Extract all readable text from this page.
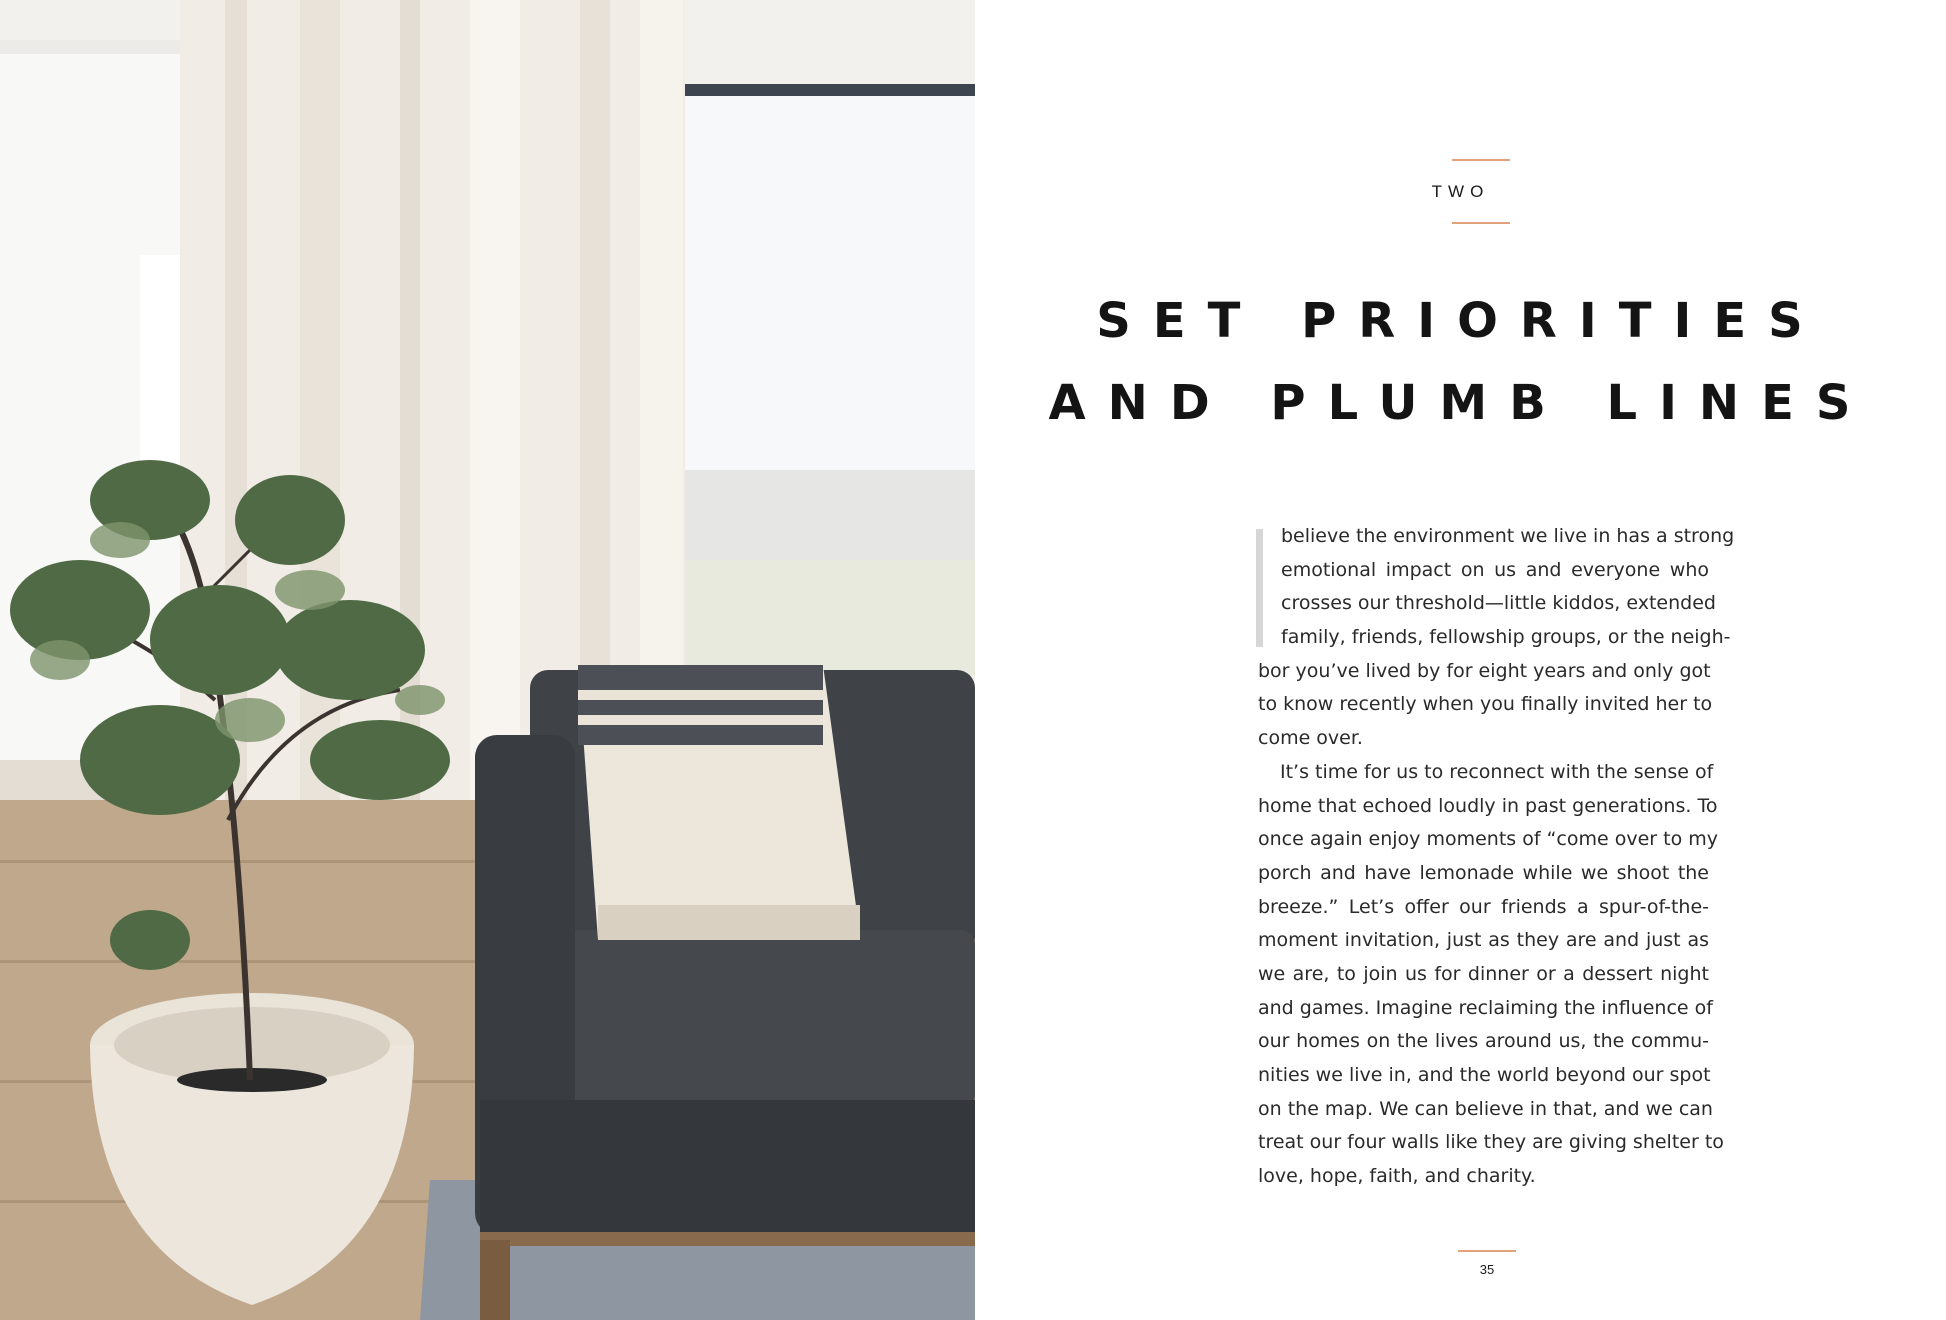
TWO
SET PRIORITIES
AND PLUMB LINES
believe the environment we live in has a strong
emotional impact on us and everyone who
crosses our threshold—little kiddos, extended
family, friends, fellowship groups, or the neigh-
bor you’ve lived by for eight years and only got
to know recently when you finally invited her to
come over.
It’s time for us to reconnect with the sense of
home that echoed loudly in past generations. To
once again enjoy moments of “come over to my
porch and have lemonade while we shoot the
breeze.” Let’s offer our friends a spur-of-the-
moment invitation, just as they are and just as
we are, to join us for dinner or a dessert night
and games. Imagine reclaiming the influence of
our homes on the lives around us, the commu-
nities we live in, and the world beyond our spot
on the map. We can believe in that, and we can
treat our four walls like they are giving shelter to
love, hope, faith, and charity.
35
